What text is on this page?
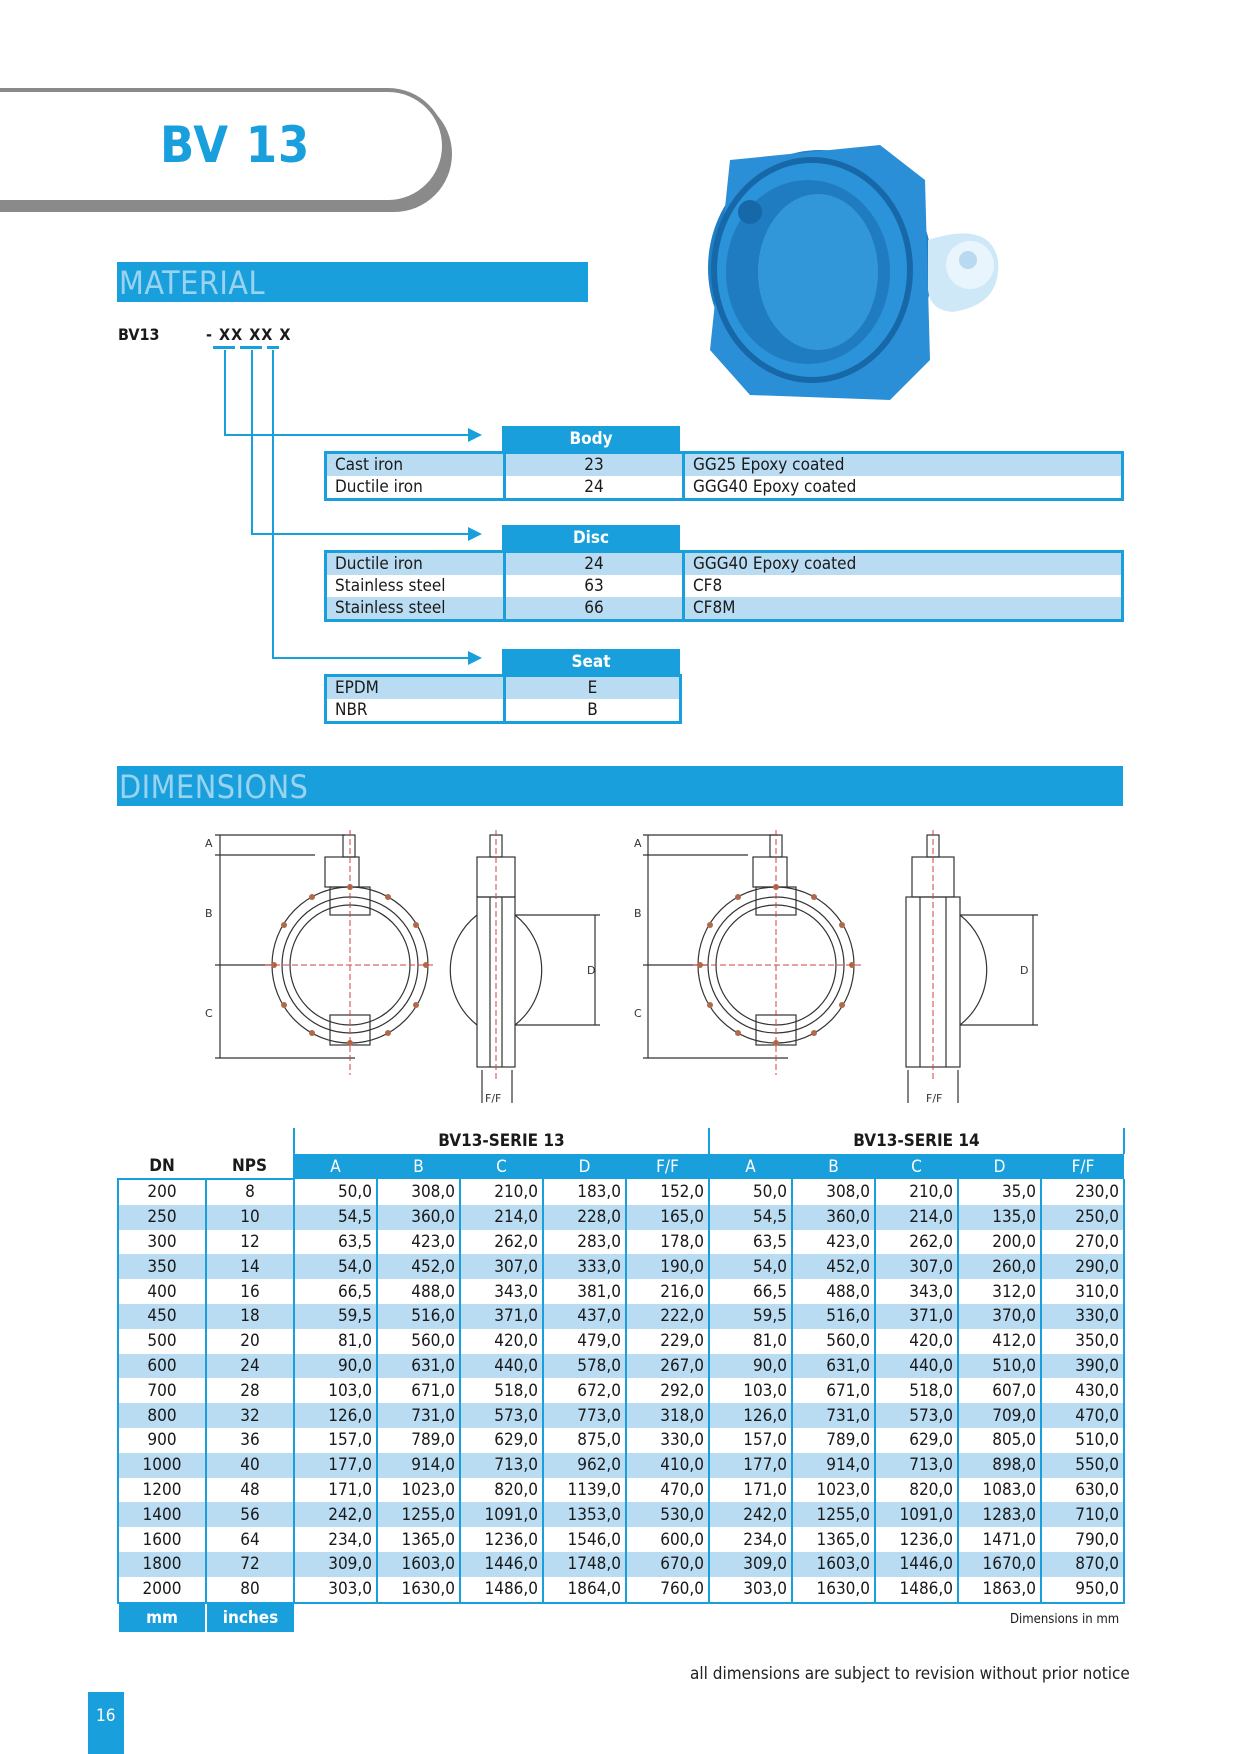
BV 13
MATERIAL
BV13	- XX XX X
Body
Cast iron	23	GG25 Epoxy coated
Ductile iron	24	GGG40 Epoxy coated
Disc
Ductile iron	24	GGG40 Epoxy coated
Stainless steel	63	CF8
Stainless steel	66	CF8M
Seat
EPDM	E
NBR	B
DIMENSIONS
A
B
C
D
F/F
A
B
C
D
F/F
		BV13-SERIE 13					BV13-SERIE 14				
DN	NPS	A	B	C	D	F/F	A	B	C	D	F/F
200	8	50,0	308,0	210,0	183,0	152,0	50,0	308,0	210,0	35,0	230,0
250	10	54,5	360,0	214,0	228,0	165,0	54,5	360,0	214,0	135,0	250,0
300	12	63,5	423,0	262,0	283,0	178,0	63,5	423,0	262,0	200,0	270,0
350	14	54,0	452,0	307,0	333,0	190,0	54,0	452,0	307,0	260,0	290,0
400	16	66,5	488,0	343,0	381,0	216,0	66,5	488,0	343,0	312,0	310,0
450	18	59,5	516,0	371,0	437,0	222,0	59,5	516,0	371,0	370,0	330,0
500	20	81,0	560,0	420,0	479,0	229,0	81,0	560,0	420,0	412,0	350,0
600	24	90,0	631,0	440,0	578,0	267,0	90,0	631,0	440,0	510,0	390,0
700	28	103,0	671,0	518,0	672,0	292,0	103,0	671,0	518,0	607,0	430,0
800	32	126,0	731,0	573,0	773,0	318,0	126,0	731,0	573,0	709,0	470,0
900	36	157,0	789,0	629,0	875,0	330,0	157,0	789,0	629,0	805,0	510,0
1000	40	177,0	914,0	713,0	962,0	410,0	177,0	914,0	713,0	898,0	550,0
1200	48	171,0	1023,0	820,0	1139,0	470,0	171,0	1023,0	820,0	1083,0	630,0
1400	56	242,0	1255,0	1091,0	1353,0	530,0	242,0	1255,0	1091,0	1283,0	710,0
1600	64	234,0	1365,0	1236,0	1546,0	600,0	234,0	1365,0	1236,0	1471,0	790,0
1800	72	309,0	1603,0	1446,0	1748,0	670,0	309,0	1603,0	1446,0	1670,0	870,0
2000	80	303,0	1630,0	1486,0	1864,0	760,0	303,0	1630,0	1486,0	1863,0	950,0
mm	inches											Dimensions in mm
all dimensions are subject to revision without prior notice
16
